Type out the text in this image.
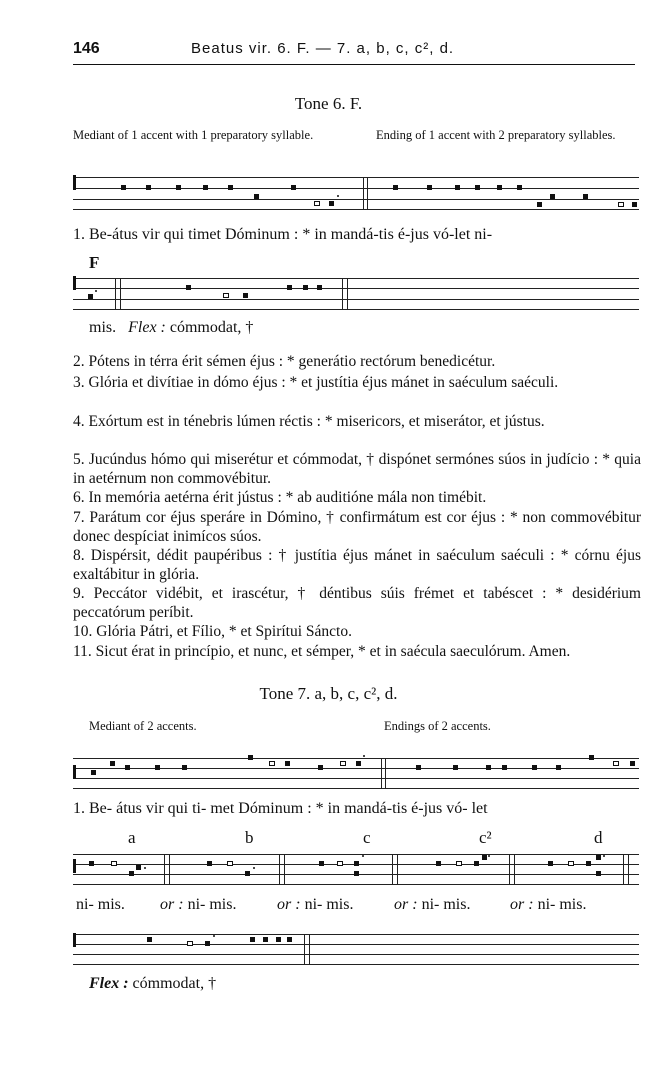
146	Beatus vir. 6. F. — 7. a, b, c, c², d.
Tone 6. F.
Mediant of 1 accent with 1 preparatory syllable.	Ending of 1 accent with 2 preparatory syllables.
1. Be-átus vir qui timet Dóminum : * in mandá-tis é-jus vó-let ni-
F
mis. Flex : cómmodat, †
2. Pótens in térra érit sémen éjus : * generátio rectórum benedicétur.
3. Glória et divítiae in dómo éjus : * et justítia éjus mánet in saéculum saéculi.
4. Exórtum est in ténebris lúmen réctis : * misericors, et miserátor, et jústus.
5. Jucúndus hómo qui miserétur et cómmodat, † dispónet sermónes súos in judício : * quia in aetérnum non commovébitur.
6. In memória aetérna érit jústus : * ab auditióne mála non timébit.
7. Parátum cor éjus speráre in Dómino, † confirmátum est cor éjus : * non commovébitur donec despíciat inimícos súos.
8. Dispérsit, dédit paupéribus : † justítia éjus mánet in saéculum saéculi : * córnu éjus exaltábitur in glória.
9. Peccátor vidébit, et irascétur, † déntibus súis frémet et tabéscet : * desidérium peccatórum períbit.
10. Glória Pátri, et Fílio, * et Spirítui Sáncto.
11. Sicut érat in princípio, et nunc, et sémper, * et in saécula saeculórum. Amen.
Tone 7. a, b, c, c², d.
Mediant of 2 accents.	Endings of 2 accents.
1. Be- átus vir qui ti- met Dóminum : * in mandá-tis é-jus vó- let
a	b	c	c²	d
ni- mis. or : ni- mis.	or : ni- mis.	or : ni- mis. or : ni- mis.
Flex : cómmodat, †
